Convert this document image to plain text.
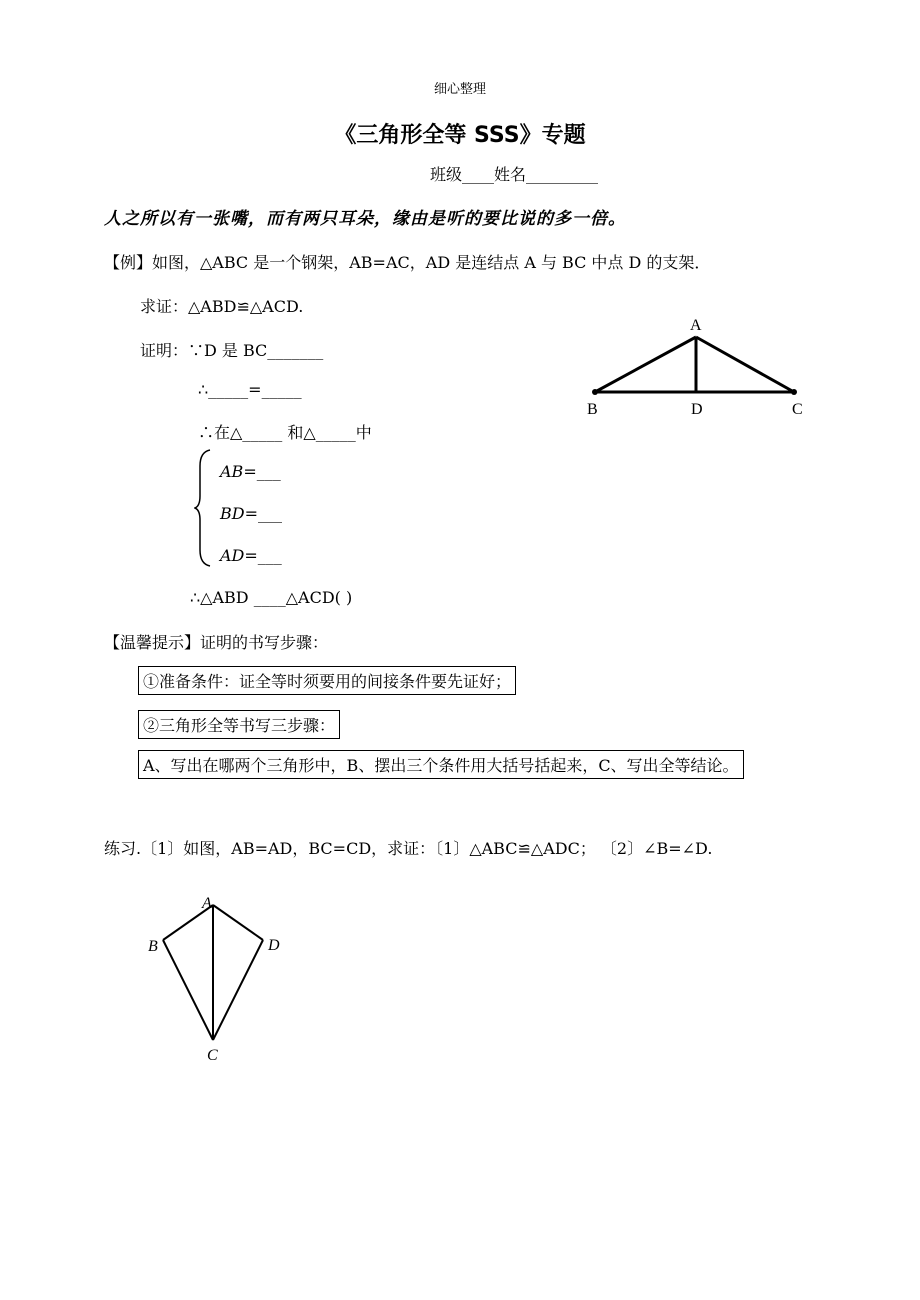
细心整理
《三角形全等 SSS》专题
班级____姓名_________
人之所以有一张嘴，而有两只耳朵，缘由是听的要比说的多一倍。
【例】如图，△ABC 是一个钢架，AB=AC，AD 是连结点 A 与 BC 中点 D 的支架．
求证：△ABD≌△ACD.
证明：∵D 是 BC_______
∴_____=_____
∴在△_____ 和△_____中
AB=___
BD=___
AD=___
∴△ABD ____△ACD( )
A
B	D	C
【温馨提示】证明的书写步骤：
①准备条件：证全等时须要用的间接条件要先证好；
②三角形全等书写三步骤：
A、写出在哪两个三角形中，B、摆出三个条件用大括号括起来，C、写出全等结论。
练习.〔1〕如图，AB=AD，BC=CD，求证：〔1〕△ABC≌△ADC； 〔2〕∠B=∠D.
A
B	D
C
